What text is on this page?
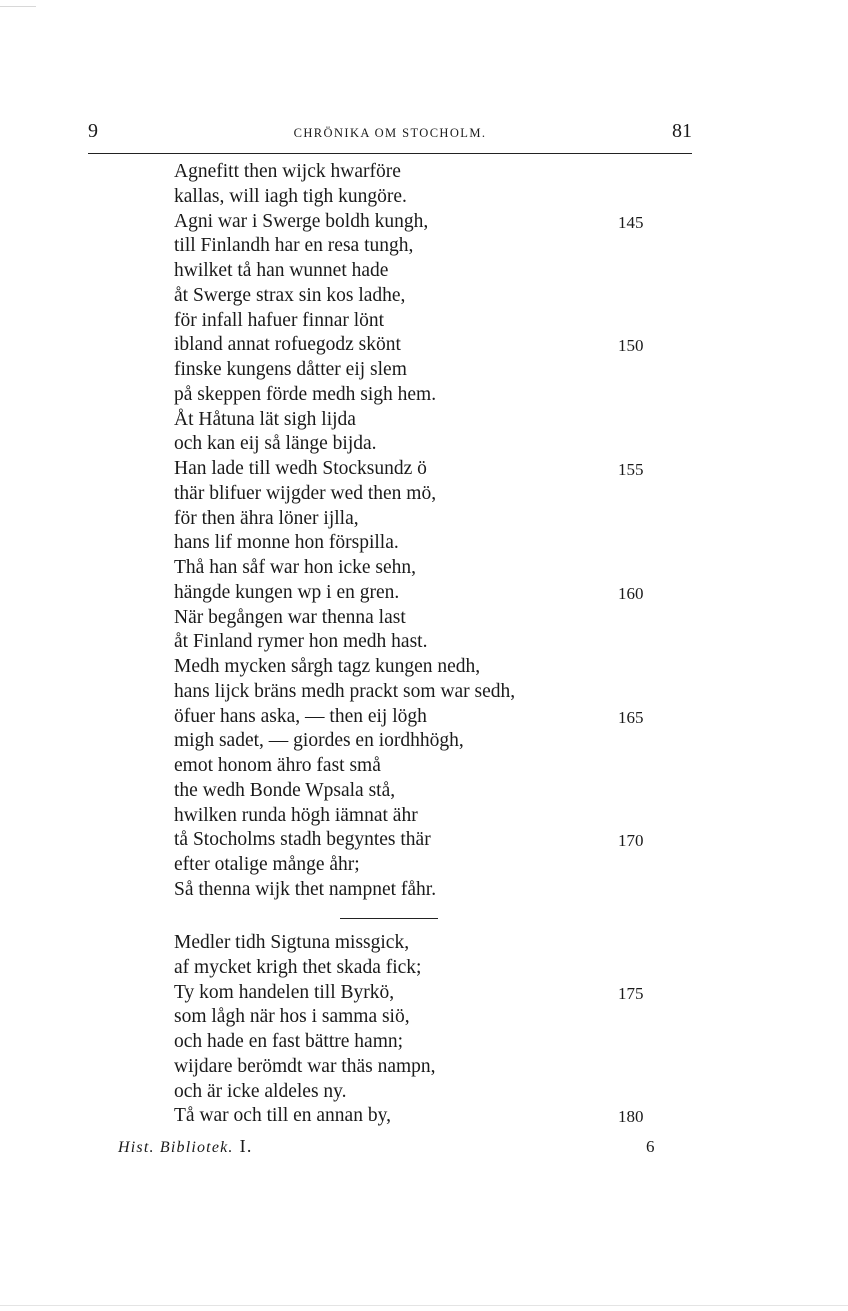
9	CHRÖNIKA OM STOCHOLM.	81
Agnefitt then wijck hwarföre
kallas, will iagh tigh kungöre.
Agni war i Swerge boldh kungh,	145
till Finlandh har en resa tungh,
hwilket tå han wunnet hade
åt Swerge strax sin kos ladhe,
för infall hafuer finnar lönt
ibland annat rofuegodz skönt	150
finske kungens dåtter eij slem
på skeppen förde medh sigh hem.
Åt Håtuna lät sigh lijda
och kan eij så länge bijda.
Han lade till wedh Stocksundz ö	155
thär blifuer wijgder wed then mö,
för then ähra löner ijlla,
hans lif monne hon förspilla.
Thå han såf war hon icke sehn,
hängde kungen wp i en gren.	160
När begången war thenna last
åt Finland rymer hon medh hast.
Medh mycken sårgh tagz kungen nedh,
hans lijck bräns medh prackt som war sedh,
öfuer hans aska, — then eij lögh	165
migh sadet, — giordes en iordhhögh,
emot honom ähro fast små
the wedh Bonde Wpsala stå,
hwilken runda högh iämnat ähr
tå Stocholms stadh begyntes thär	170
efter otalige månge åhr;
Så thenna wijk thet nampnet fåhr.
Medler tidh Sigtuna missgick,
af mycket krigh thet skada fick;
Ty kom handelen till Byrkö,	175
som lågh när hos i samma siö,
och hade en fast bättre hamn;
wijdare berömdt war thäs nampn,
och är icke aldeles ny.
Tå war och till en annan by,	180
Hist. Bibliotek. I.	6
